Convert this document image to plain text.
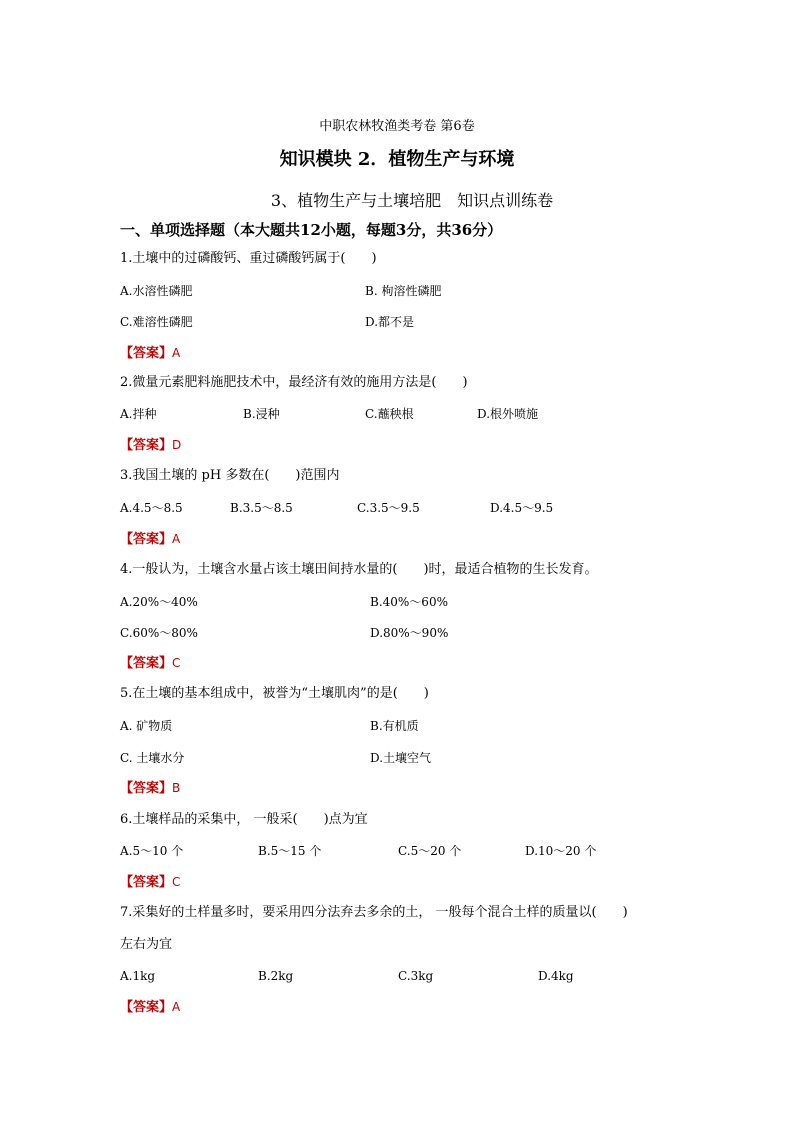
中职农林牧渔类考卷 第6卷
知识模块 2．植物生产与环境
3、植物生产与土壤培肥　知识点训练卷
一、单项选择题（本大题共12小题，每题3分，共36分）
1.土壤中的过磷酸钙、重过磷酸钙属于(　　)
A.水溶性磷肥	B. 枸溶性磷肥
C.难溶性磷肥	D.都不是
【答案】A
2.微量元素肥料施肥技术中，最经济有效的施用方法是(　　)
A.拌种	B.浸种	C.蘸秧根	D.根外喷施
【答案】D
3.我国土壤的 pH 多数在(　　)范围内
A.4.5～8.5	B.3.5～8.5	C.3.5～9.5	D.4.5～9.5
【答案】A
4.一般认为，土壤含水量占该土壤田间持水量的(　　)时，最适合植物的生长发育。
A.20%～40%	B.40%～60%
C.60%～80%	D.80%～90%
【答案】C
5.在土壤的基本组成中，被誉为“土壤肌肉”的是(　　)
A. 矿物质	B.有机质
C. 土壤水分	D.土壤空气
【答案】B
6.土壤样品的采集中， 一般采(　　)点为宜
A.5～10 个	B.5～15 个	C.5～20 个	D.10～20 个
【答案】C
7.采集好的土样量多时，要采用四分法弃去多余的土， 一般每个混合土样的质量以(　　)
左右为宜
A.1kg	B.2kg	C.3kg	D.4kg
【答案】A
